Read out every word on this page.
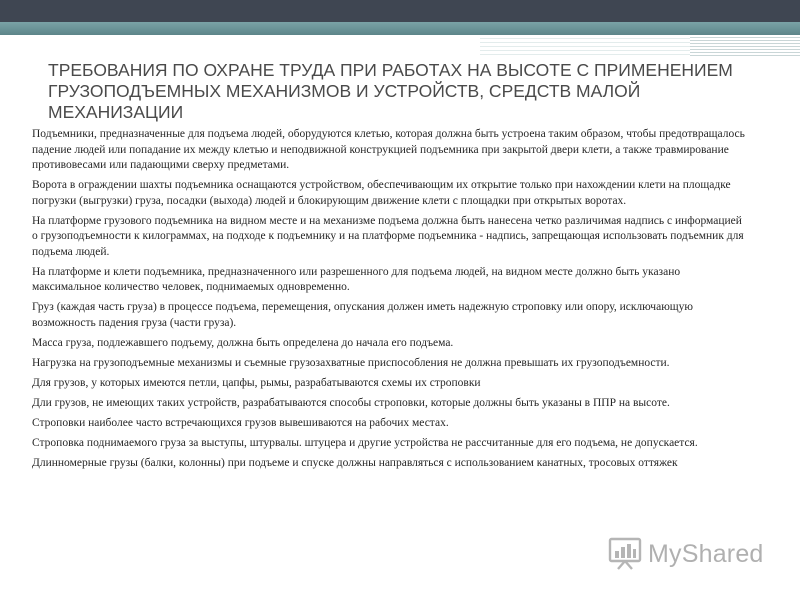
ТРЕБОВАНИЯ ПО ОХРАНЕ ТРУДА ПРИ РАБОТАХ НА ВЫСОТЕ С ПРИМЕНЕНИЕМ ГРУЗОПОДЪЕМНЫХ МЕХАНИЗМОВ И УСТРОЙСТВ, СРЕДСТВ МАЛОЙ МЕХАНИЗАЦИИ

Подъемники, предназначенные для подъема людей, оборудуются клетью, которая должна быть устроена таким образом, чтобы предотвращалось падение людей или попадание их между клетью и неподвижной конструкцией подъемника при закрытой двери клети, а также травмирование противовесами или падающими сверху предметами.

Ворота в ограждении шахты подъемника оснащаются устройством, обеспечивающим их открытие только при нахождении клети на площадке погрузки (выгрузки) груза, посадки (выхода) людей и блокирующим движение клети с площадки при открытых воротах.

На платформе грузового подъемника на видном месте и на механизме подъема должна быть нанесена четко различимая надпись с информацией о грузоподъемности к килограммах, на подходе к подъемнику и на платформе подъемника - надпись, запрещающая использовать подъемник для подъема людей.

На платформе и клети подъемника, предназначенного или разрешенного для подъема людей, на видном месте должно быть указано максимальное количество человек, поднимаемых одновременно.

Груз (каждая часть груза) в процессе подъема, перемещения, опускания должен иметь надежную строповку или опору, исключающую возможность падения груза (части груза).

Масса груза, подлежавшего подъему, должна быть определена до начала его подъема.

Нагрузка на грузоподъемные механизмы и съемные грузозахватные приспособления не должна превышать их грузоподъемности.

Для грузов, у которых имеются петли, цапфы, рымы, разрабатываются схемы их строповки

Дли грузов, не имеющих таких устройств, разрабатываются способы строповки, которые должны быть указаны в ППР на высоте.

Строповки наиболее часто встречающихся грузов вывешиваются на рабочих местах.

Строповка поднимаемого груза за выступы, штурвалы. штуцера и другие устройства не рассчитанные для его подъема, не допускается.

Длинномерные грузы (балки, колонны) при подъеме и спуске должны направляться с использованием канатных, тросовых оттяжек

MyShared
